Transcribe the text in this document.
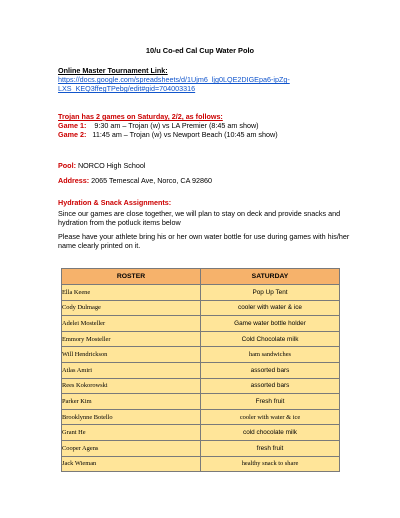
10/u Co-ed Cal Cup Water Polo
Online Master Tournament Link:
https://docs.google.com/spreadsheets/d/1Ujm6_ljg0LQE2DIGEpa6-ipZg-
LXS_KEQ3ffegTPebg/edit#gid=704003316
Trojan has 2 games on Saturday, 2/2, as follows:
Game 1: 9:30 am – Trojan (w) vs LA Premier (8:45 am show)
Game 2: 11:45 am – Trojan (w) vs Newport Beach (10:45 am show)
Pool: NORCO High School
Address: 2065 Temescal Ave, Norco, CA 92860
Hydration & Snack Assignments:

Since our games are close together, we will plan to stay on deck and provide snacks and hydration from the potluck items below

Please have your athlete bring his or her own water bottle for use during games with his/her name clearly printed on it.

ROSTER	SATURDAY
Ella Keene	Pop Up Tent
Cody Dulmage	cooler with water & ice
Adelei Mosteller	Game water bottle holder
Emmory Mosteller	Cold Chocolate milk
Will Hendrickson	ham sandwiches
Atlas Amiri	assorted bars
Rees Kokorowski	assorted bars
Parker Kim	Fresh fruit
Brooklynne Botello	cooler with water & ice
Grant He	cold chocolate milk
Cooper Agens	fresh fruit
Jack Wieman	healthy snack to share
